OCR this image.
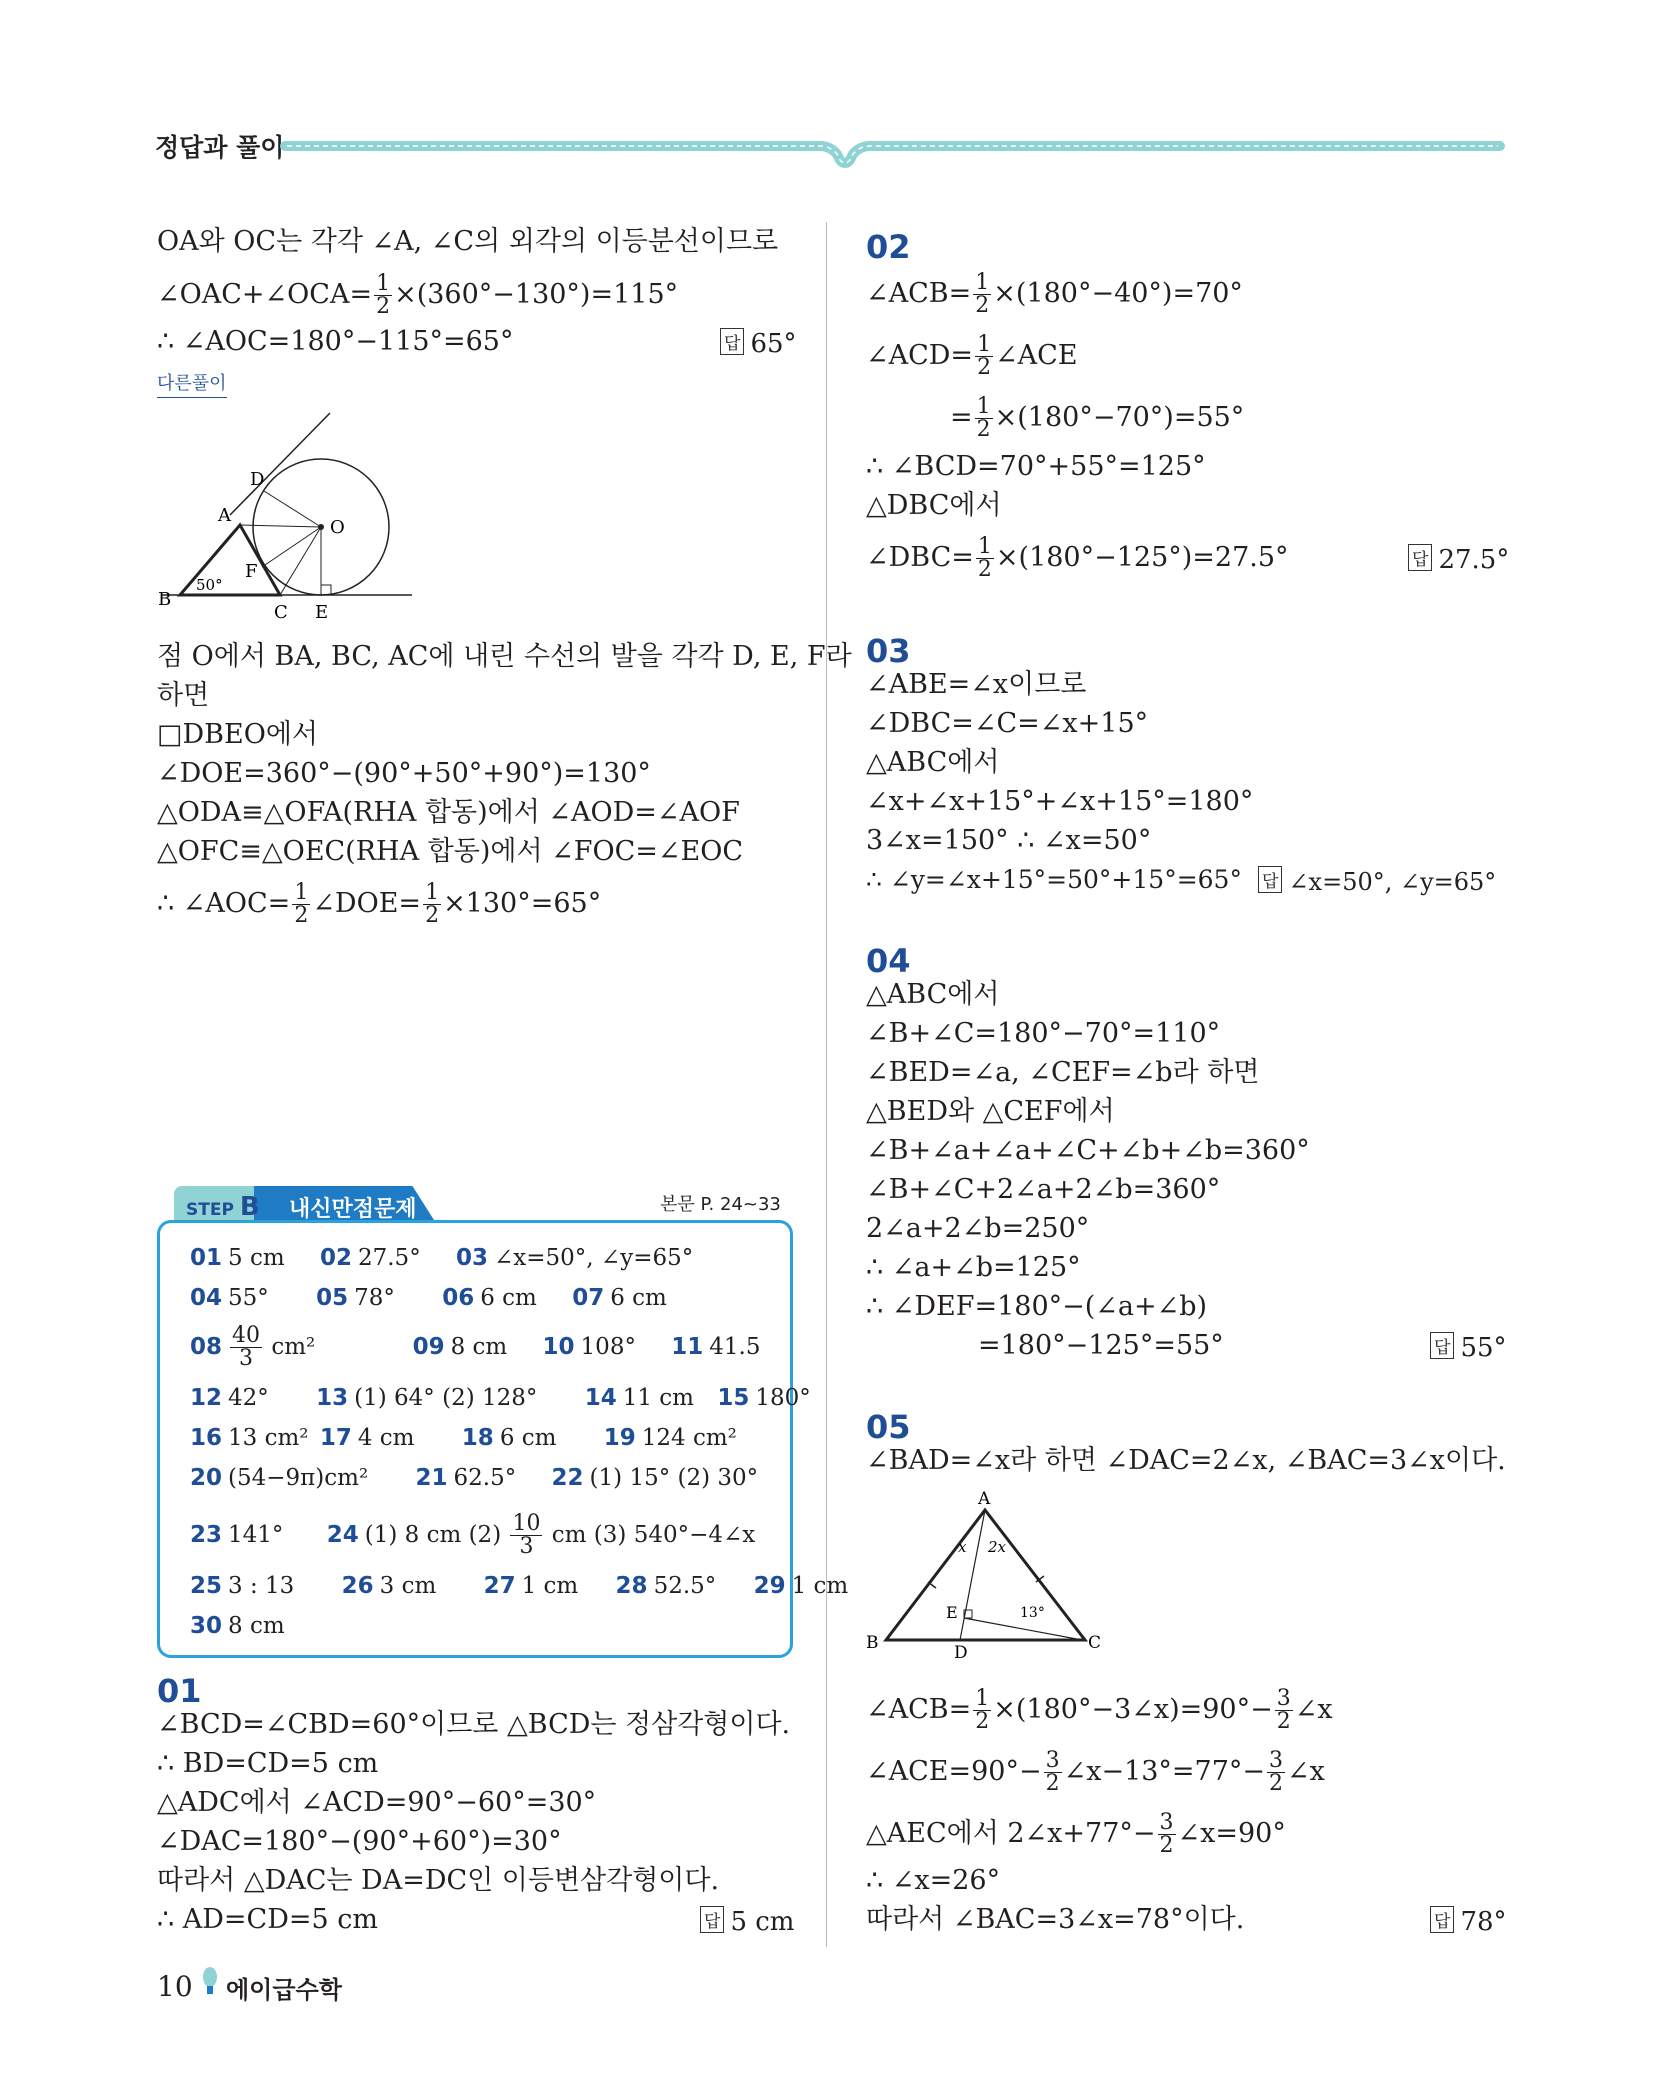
정답과 풀이
OA와 OC는 각각 ∠A, ∠C의 외각의 이등분선이므로
∠OAC+∠OCA= $\frac{1}{2} \times(360^\circ-130^\circ)=115^\circ$
∴ ∠AOC=180°−115°=65°	답 65°
다른풀이
D
A
O
F
B
50°
C E
점 O에서 BA, BC, AC에 내린 수선의 발을 각각 D, E, F라
하면
□DBEO에서
∠DOE=360°−(90°+50°+90°)=130°
△ODA≡△OFA(RHA 합동)에서 ∠AOD=∠AOF
△OFC≡△OEC(RHA 합동)에서 ∠FOC=∠EOC
∴ ∠AOC= $\frac{1}{2}$ ∠DOE= $\frac{1}{2} \times 130^\circ=65^\circ$
STEP B 내신만점문제	본문 P. 24~33
01 5 cm 02 27.5° 03 ∠x=50°, ∠y=65°
04 55° 05 78° 06 6 cm 07 6 cm
$08 \frac{40}{3} cm^2$	09 8 cm 10 108° 11 41.5
12 42° 13 (1) 64° (2) 128° 14 11 cm 15 180°
16 13 cm² 17 4 cm 18 6 cm 19 124 cm²
20 (54−9π)cm² 21 62.5° 22 (1) 15° (2) 30°
23 141° 24 (1) 8 cm $(2) \frac{10}{3}$ cm (3) 540°−4∠x
25 3 : 13 26 3 cm 27 1 cm 28 52.5° 29 1 cm
30 8 cm
01
∠BCD=∠CBD=60°이므로 △BCD는 정삼각형이다.
∴ BD=CD=5 cm
△ADC에서 ∠ACD=90°−60°=30°
∠DAC=180°−(90°+60°)=30°
따라서 △DAC는 DA=DC인 이등변삼각형이다.
∴ AD=CD=5 cm	답 5 cm
02
∠ACB= $\frac{1}{2} \times(180^\circ-40^\circ)=70^\circ$
∠ACD= $\frac{1}{2}$ ∠ACE
= $\frac{1}{2} \times(180^\circ-70^\circ)=55^\circ$
∴ ∠BCD=70°+55°=125°
△DBC에서
∠DBC= $\frac{1}{2} \times(180^\circ-125^\circ)=27.5^\circ$	답 27.5°
03
∠ABE=∠x이므로
∠DBC=∠C=∠x+15°
△ABC에서
∠x+∠x+15°+∠x+15°=180°
3∠x=150° ∴ ∠x=50°
∴ ∠y=∠x+15°=50°+15°=65° 답 ∠x=50°, ∠y=65°
04
△ABC에서
∠B+∠C=180°−70°=110°
∠BED=∠a, ∠CEF=∠b라 하면
△BED와 △CEF에서
∠B+∠a+∠a+∠C+∠b+∠b=360°
∠B+∠C+2∠a+2∠b=360°
2∠a+2∠b=250°
∴ ∠a+∠b=125°
∴ ∠DEF=180°−(∠a+∠b)
=180°−125°=55°	답 55°
05
∠BAD=∠x라 하면 ∠DAC=2∠x, ∠BAC=3∠x이다.
A
x 2x
E	13°
B	D	C
∠ACB= $\frac{1}{2}$ ×(180°−3∠x)=90°− $\frac{3}{2}$ ∠x
∠ACE=90°− $\frac{3}{2}$ ∠x−13°=77°− $\frac{3}{2}$ ∠x
△AEC에서 2∠x+77°− $\frac{3}{2}$ ∠x=90°
∴ ∠x=26°
따라서 ∠BAC=3∠x=78°이다.	답 78°
10 에이급수학
